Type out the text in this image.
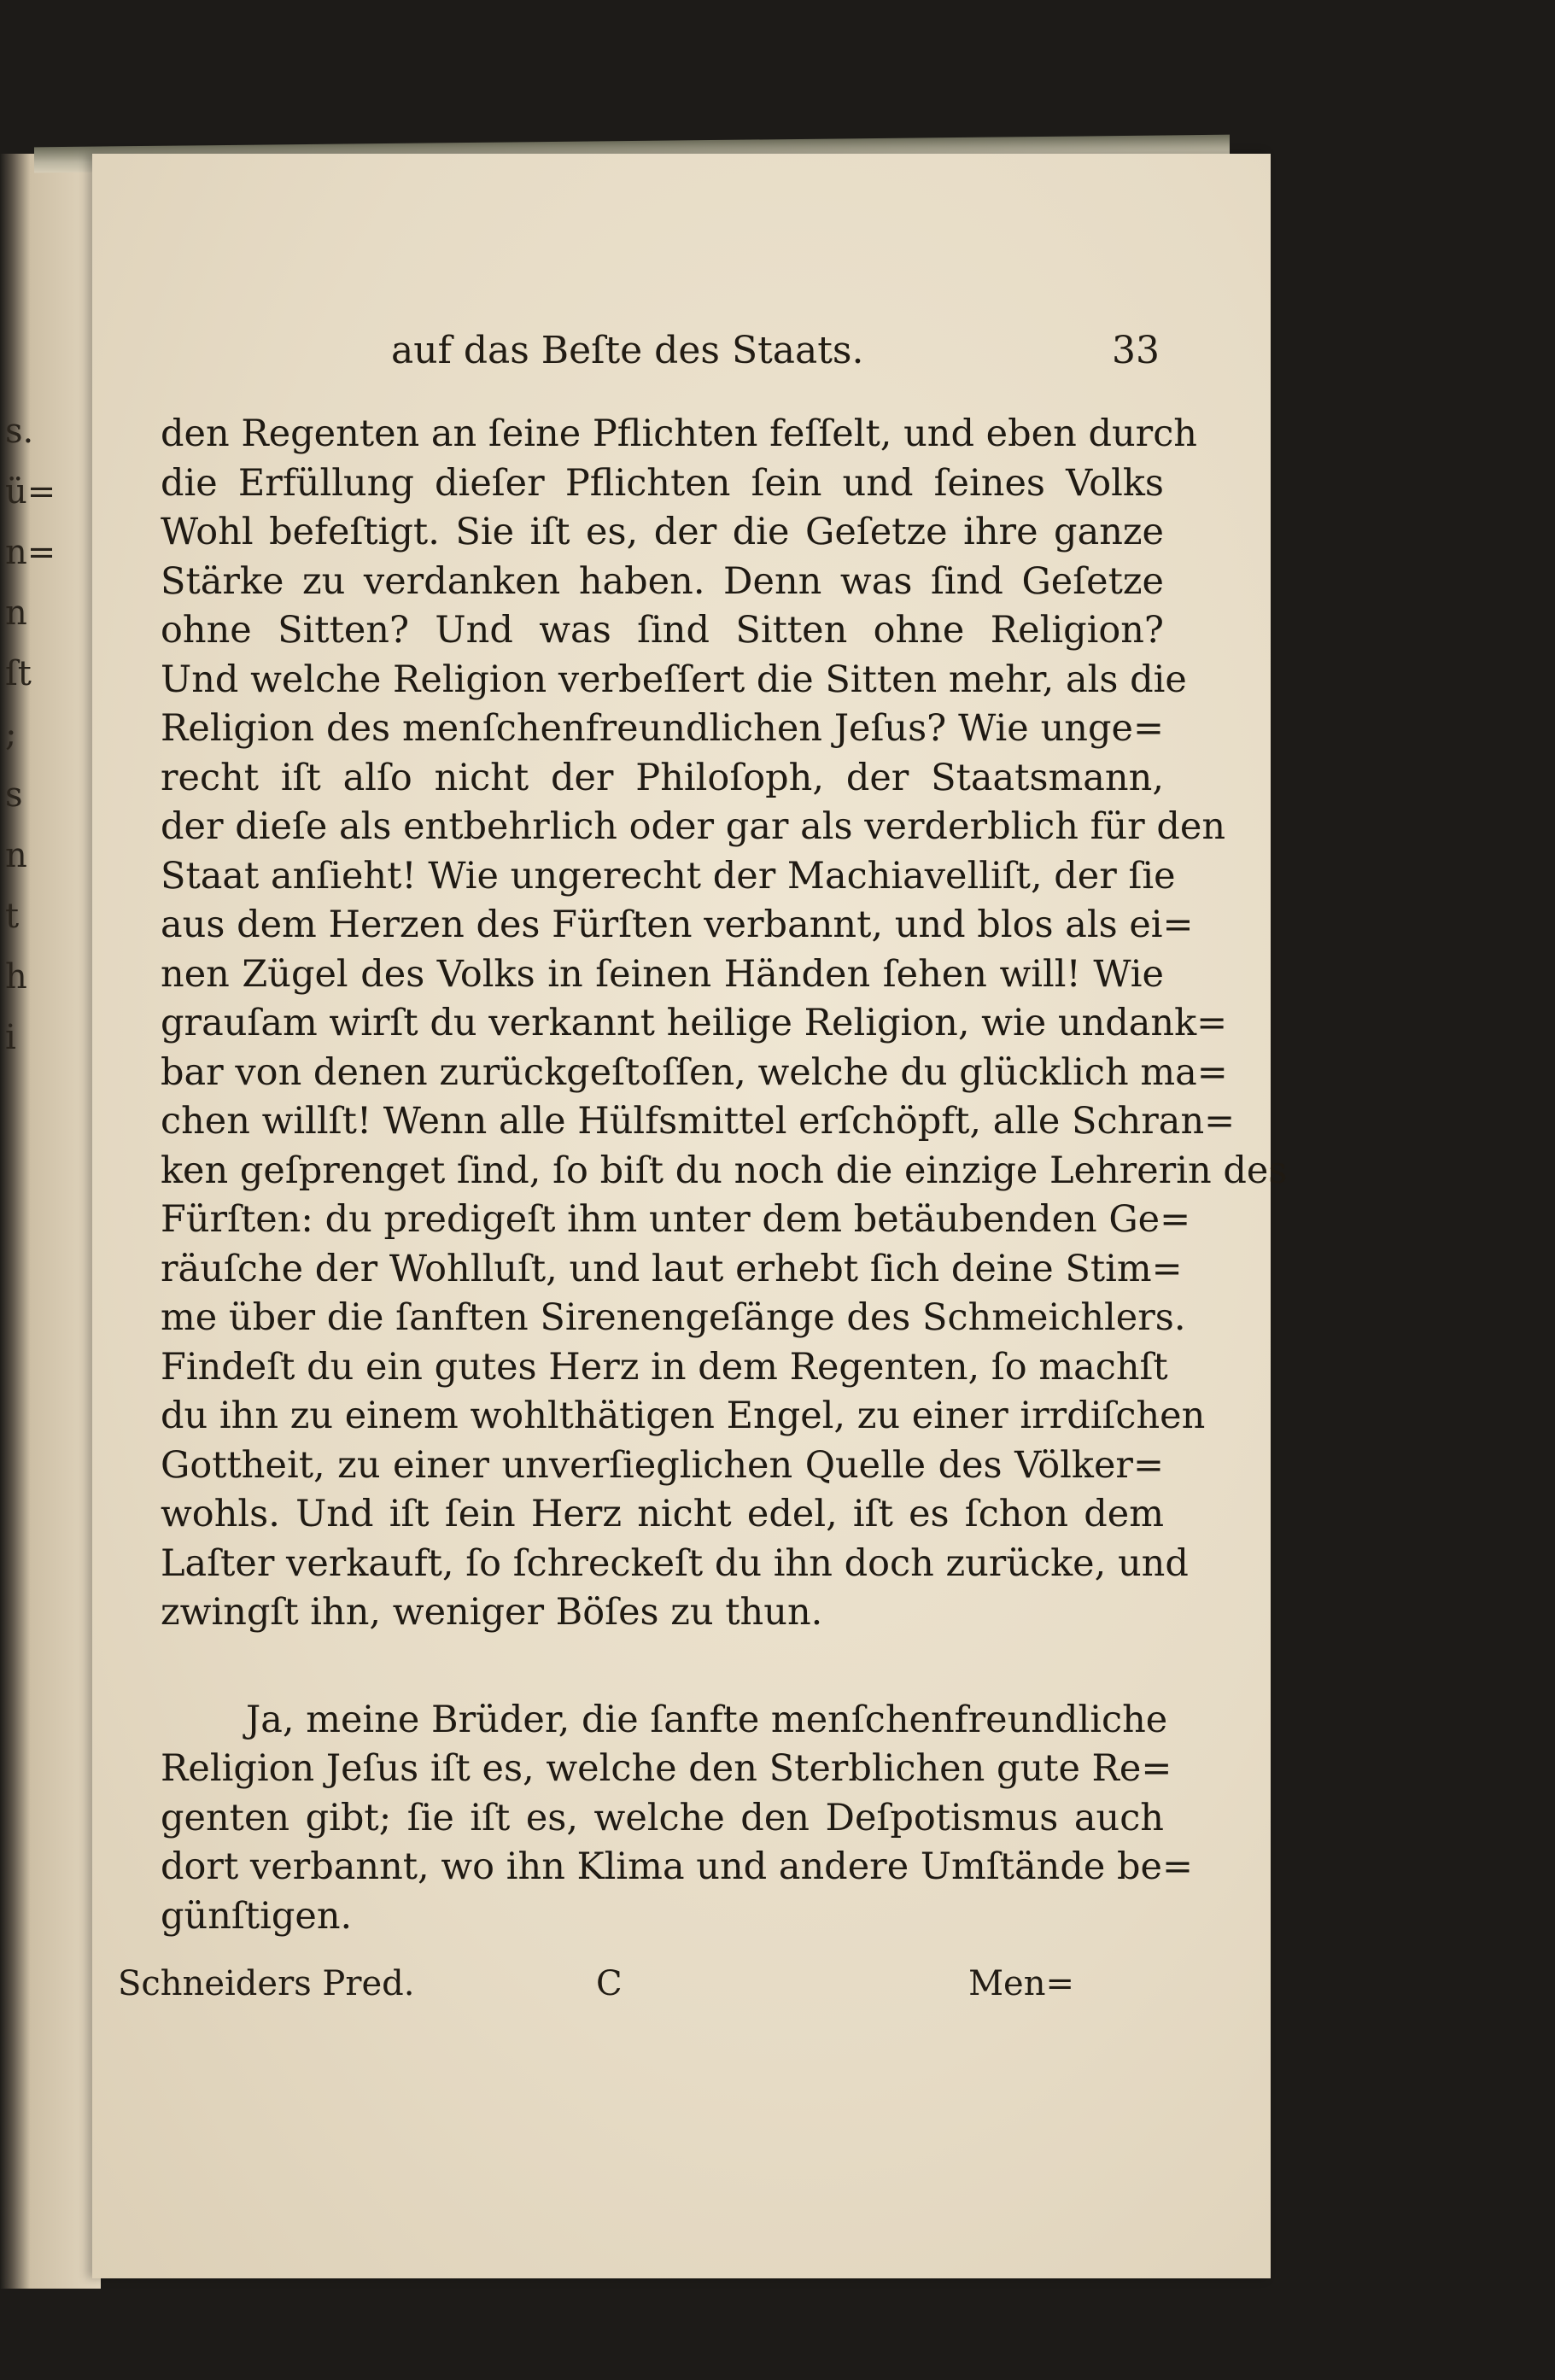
s.
ü=
n=
n
ſt
;
s
n
t
h
i
auf das Beſte des Staats.	33
den Regenten an ſeine Pflichten feſſelt, und eben durch
die Erfüllung dieſer Pflichten ſein und ſeines Volks
Wohl befeſtigt. Sie iſt es, der die Geſetze ihre ganze
Stärke zu verdanken haben. Denn was ſind Geſetze
ohne Sitten? Und was ſind Sitten ohne Religion?
Und welche Religion verbeſſert die Sitten mehr, als die
Religion des menſchenfreundlichen Jeſus? Wie unge=
recht iſt alſo nicht der Philoſoph, der Staatsmann,
der dieſe als entbehrlich oder gar als verderblich für den
Staat anſieht! Wie ungerecht der Machiavelliſt, der ſie
aus dem Herzen des Fürſten verbannt, und blos als ei=
nen Zügel des Volks in ſeinen Händen ſehen will! Wie
grauſam wirſt du verkannt heilige Religion, wie undank=
bar von denen zurückgeſtoſſen, welche du glücklich ma=
chen willſt! Wenn alle Hülfsmittel erſchöpft, alle Schran=
ken geſprenget ſind, ſo biſt du noch die einzige Lehrerin des
Fürſten: du predigeſt ihm unter dem betäubenden Ge=
räuſche der Wohlluſt, und laut erhebt ſich deine Stim=
me über die ſanften Sirenengeſänge des Schmeichlers.
Findeſt du ein gutes Herz in dem Regenten, ſo machſt
du ihn zu einem wohlthätigen Engel, zu einer irrdiſchen
Gottheit, zu einer unverſieglichen Quelle des Völker=
wohls. Und iſt ſein Herz nicht edel, iſt es ſchon dem
Laſter verkauft, ſo ſchreckeſt du ihn doch zurücke, und
zwingſt ihn, weniger Böſes zu thun.
Ja, meine Brüder, die ſanfte menſchenfreundliche
Religion Jeſus iſt es, welche den Sterblichen gute Re=
genten gibt; ſie iſt es, welche den Deſpotismus auch
dort verbannt, wo ihn Klima und andere Umſtände be=
günſtigen.
Schneiders Pred.	C	Men=
